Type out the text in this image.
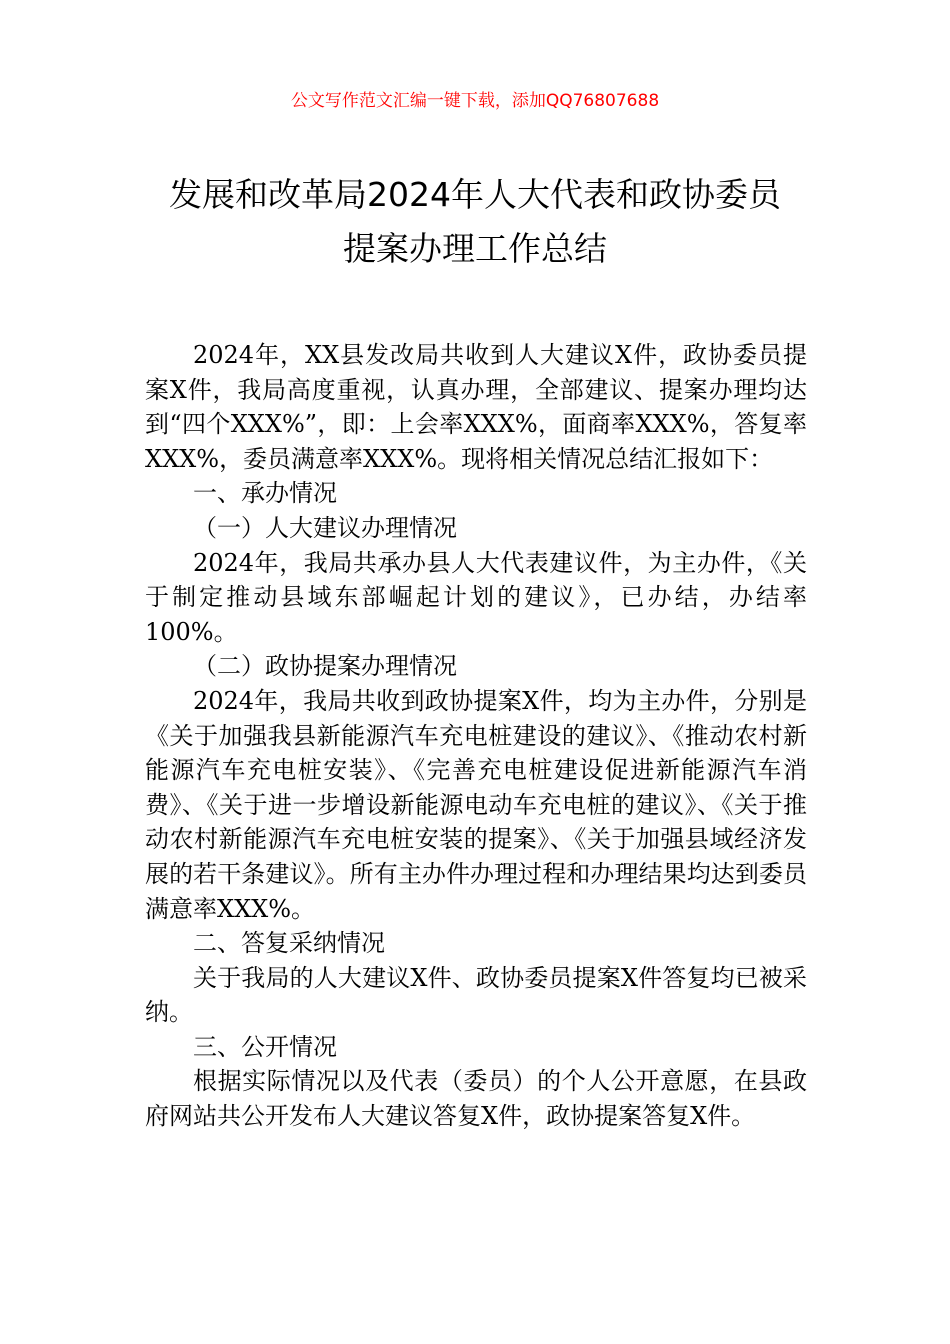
公文写作范文汇编一键下载，添加QQ76807688
发展和改革局2024年人大代表和政协委员
提案办理工作总结

2024年，XX县发改局共收到人大建议X件，政协委员提案X件，我局高度重视，认真办理，全部建议、提案办理均达到“四个XXX%”，即：上会率XXX%，面商率XXX%，答复率XXX%，委员满意率XXX%。现将相关情况总结汇报如下：

一、承办情况

（一）人大建议办理情况

2024年，我局共承办县人大代表建议件，为主办件，《关于制定推动县域东部崛起计划的建议》，已办结，办结率100%。

（二）政协提案办理情况

2024年，我局共收到政协提案X件，均为主办件，分别是《关于加强我县新能源汽车充电桩建设的建议》、《推动农村新能源汽车充电桩安装》、《完善充电桩建设促进新能源汽车消费》、《关于进一步增设新能源电动车充电桩的建议》、《关于推动农村新能源汽车充电桩安装的提案》、《关于加强县域经济发展的若干条建议》。所有主办件办理过程和办理结果均达到委员满意率XXX%。

二、答复采纳情况

关于我局的人大建议X件、政协委员提案X件答复均已被采纳。

三、公开情况

根据实际情况以及代表（委员）的个人公开意愿，在县政府网站共公开发布人大建议答复X件，政协提案答复X件。
